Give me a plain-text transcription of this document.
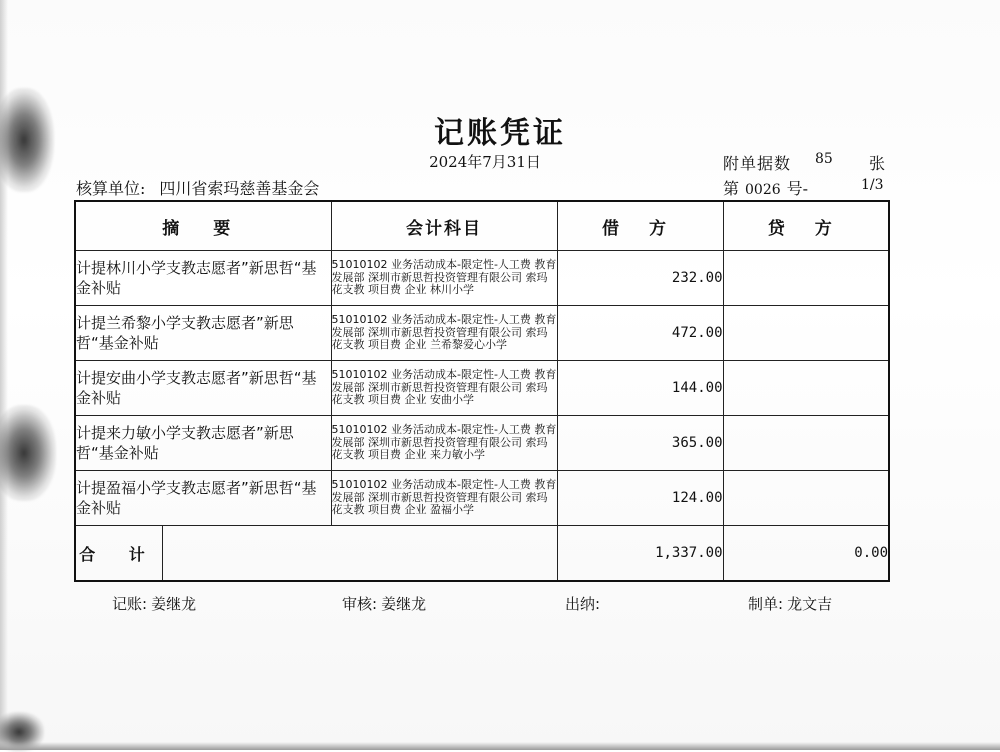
记账凭证
2024年7月31日	附单据数 85 张
核算单位: 四川省索玛慈善基金会	第 0026 号-	1/3
摘 要	会计科目	借 方	贷 方
计提林川小学支教志愿者”新思哲“基金补贴	51010102 业务活动成本-限定性-人工费 教育发展部 深圳市新思哲投资管理有限公司 索玛花支教 项目费 企业 林川小学	232.00	
计提兰希黎小学支教志愿者”新思哲“基金补贴	51010102 业务活动成本-限定性-人工费 教育发展部 深圳市新思哲投资管理有限公司 索玛花支教 项目费 企业 兰希黎爱心小学	472.00	
计提安曲小学支教志愿者”新思哲“基金补贴	51010102 业务活动成本-限定性-人工费 教育发展部 深圳市新思哲投资管理有限公司 索玛花支教 项目费 企业 安曲小学	144.00	
计提来力敏小学支教志愿者”新思哲“基金补贴	51010102 业务活动成本-限定性-人工费 教育发展部 深圳市新思哲投资管理有限公司 索玛花支教 项目费 企业 来力敏小学	365.00	
计提盈福小学支教志愿者”新思哲“基金补贴	51010102 业务活动成本-限定性-人工费 教育发展部 深圳市新思哲投资管理有限公司 索玛花支教 项目费 企业 盈福小学	124.00	

合 计		1,337.00	0.00
记账: 姜继龙	审核: 姜继龙	出纳:	制单: 龙文吉
